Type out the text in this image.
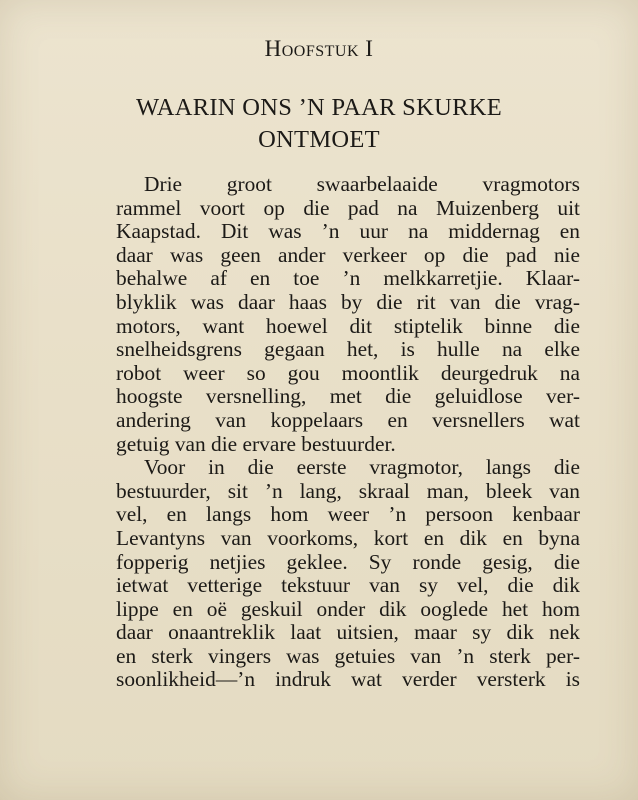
Hoofstuk I
WAARIN ONS ’N PAAR SKURKE
ONTMOET
Drie groot swaarbelaaide vragmotors
rammel voort op die pad na Muizenberg uit
Kaapstad. Dit was ’n uur na middernag en
daar was geen ander verkeer op die pad nie
behalwe af en toe ’n melkkarretjie. Klaar-
blyklik was daar haas by die rit van die vrag-
motors, want hoewel dit stiptelik binne die
snelheidsgrens gegaan het, is hulle na elke
robot weer so gou moontlik deurgedruk na
hoogste versnelling, met die geluidlose ver-
andering van koppelaars en versnellers wat
getuig van die ervare bestuurder.
Voor in die eerste vragmotor, langs die
bestuurder, sit ’n lang, skraal man, bleek van
vel, en langs hom weer ’n persoon kenbaar
Levantyns van voorkoms, kort en dik en byna
fopperig netjies geklee. Sy ronde gesig, die
ietwat vetterige tekstuur van sy vel, die dik
lippe en oë geskuil onder dik ooglede het hom
daar onaantreklik laat uitsien, maar sy dik nek
en sterk vingers was getuies van ’n sterk per-
soonlikheid—’n indruk wat verder versterk is
